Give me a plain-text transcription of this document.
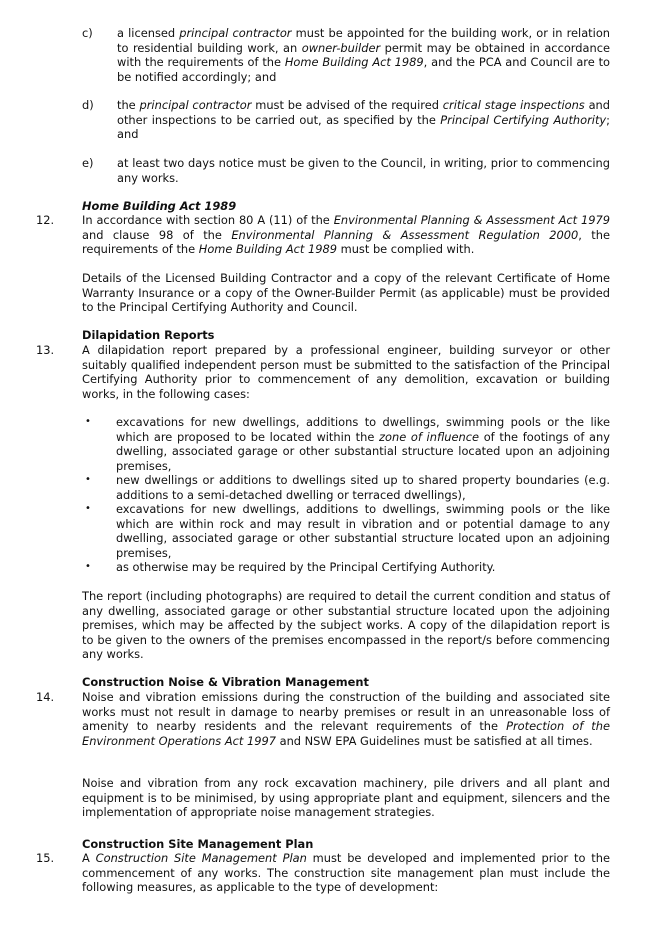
c) a licensed principal contractor must be appointed for the building work, or in relation to residential building work, an owner-builder permit may be obtained in accordance with the requirements of the Home Building Act 1989, and the PCA and Council are to be notified accordingly; and
d) the principal contractor must be advised of the required critical stage inspections and other inspections to be carried out, as specified by the Principal Certifying Authority; and
e) at least two days notice must be given to the Council, in writing, prior to commencing any works.
Home Building Act 1989
12. In accordance with section 80 A (11) of the Environmental Planning & Assessment Act 1979 and clause 98 of the Environmental Planning & Assessment Regulation 2000, the requirements of the Home Building Act 1989 must be complied with.
Details of the Licensed Building Contractor and a copy of the relevant Certificate of Home Warranty Insurance or a copy of the Owner-Builder Permit (as applicable) must be provided to the Principal Certifying Authority and Council.
Dilapidation Reports
13. A dilapidation report prepared by a professional engineer, building surveyor or other suitably qualified independent person must be submitted to the satisfaction of the Principal Certifying Authority prior to commencement of any demolition, excavation or building works, in the following cases:
• excavations for new dwellings, additions to dwellings, swimming pools or the like which are proposed to be located within the zone of influence of the footings of any dwelling, associated garage or other substantial structure located upon an adjoining premises,
• new dwellings or additions to dwellings sited up to shared property boundaries (e.g. additions to a semi-detached dwelling or terraced dwellings),
• excavations for new dwellings, additions to dwellings, swimming pools or the like which are within rock and may result in vibration and or potential damage to any dwelling, associated garage or other substantial structure located upon an adjoining premises,
• as otherwise may be required by the Principal Certifying Authority.
The report (including photographs) are required to detail the current condition and status of any dwelling, associated garage or other substantial structure located upon the adjoining premises, which may be affected by the subject works. A copy of the dilapidation report is to be given to the owners of the premises encompassed in the report/s before commencing any works.
Construction Noise & Vibration Management
14. Noise and vibration emissions during the construction of the building and associated site works must not result in damage to nearby premises or result in an unreasonable loss of amenity to nearby residents and the relevant requirements of the Protection of the Environment Operations Act 1997 and NSW EPA Guidelines must be satisfied at all times.
Noise and vibration from any rock excavation machinery, pile drivers and all plant and equipment is to be minimised, by using appropriate plant and equipment, silencers and the implementation of appropriate noise management strategies.
Construction Site Management Plan
15. A Construction Site Management Plan must be developed and implemented prior to the commencement of any works. The construction site management plan must include the following measures, as applicable to the type of development:
